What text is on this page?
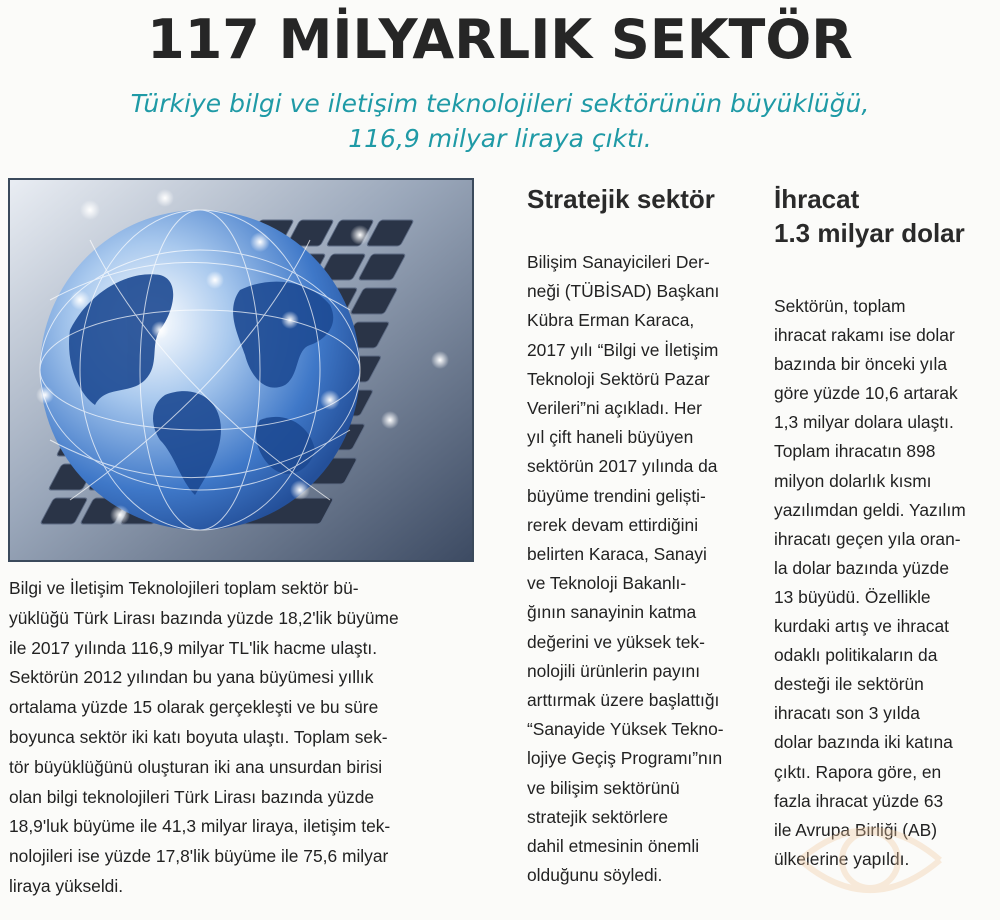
117 MİLYARLIK SEKTÖR

Türkiye bilgi ve iletişim teknolojileri sektörünün büyüklüğü,
116,9 milyar liraya çıktı.

Bilgi ve İletişim Teknolojileri toplam sektör bü-
yüklüğü Türk Lirası bazında yüzde 18,2'lik büyüme
ile 2017 yılında 116,9 milyar TL'lik hacme ulaştı.
Sektörün 2012 yılından bu yana büyümesi yıllık
ortalama yüzde 15 olarak gerçekleşti ve bu süre
boyunca sektör iki katı boyuta ulaştı. Toplam sek-
tör büyüklüğünü oluşturan iki ana unsurdan birisi
olan bilgi teknolojileri Türk Lirası bazında yüzde
18,9'luk büyüme ile 41,3 milyar liraya, iletişim tek-
nolojileri ise yüzde 17,8'lik büyüme ile 75,6 milyar
liraya yükseldi.
Stratejik sektör
Bilişim Sanayicileri Der-
neği (TÜBİSAD) Başkanı
Kübra Erman Karaca,
2017 yılı “Bilgi ve İletişim
Teknoloji Sektörü Pazar
Verileri”ni açıkladı. Her
yıl çift haneli büyüyen
sektörün 2017 yılında da
büyüme trendini geliști-
rerek devam ettirdiğini
belirten Karaca, Sanayi
ve Teknoloji Bakanlı-
ğının sanayinin katma
değerini ve yüksek tek-
nolojili ürünlerin payını
arttırmak üzere başlattığı
“Sanayide Yüksek Tekno-
lojiye Geçiş Programı”nın
ve bilişim sektörünü
stratejik sektörlere
dahil etmesinin önemli
olduğunu söyledi.
İhracat
1.3 milyar dolar
Sektörün, toplam
ihracat rakamı ise dolar
bazında bir önceki yıla
göre yüzde 10,6 artarak
1,3 milyar dolara ulaştı.
Toplam ihracatın 898
milyon dolarlık kısmı
yazılımdan geldi. Yazılım
ihracatı geçen yıla oran-
la dolar bazında yüzde
13 büyüdü. Özellikle
kurdaki artış ve ihracat
odaklı politikaların da
desteği ile sektörün
ihracatı son 3 yılda
dolar bazında iki katına
çıktı. Rapora göre, en
fazla ihracat yüzde 63
ile Avrupa Birliği (AB)
ülkelerine yapıldı.
